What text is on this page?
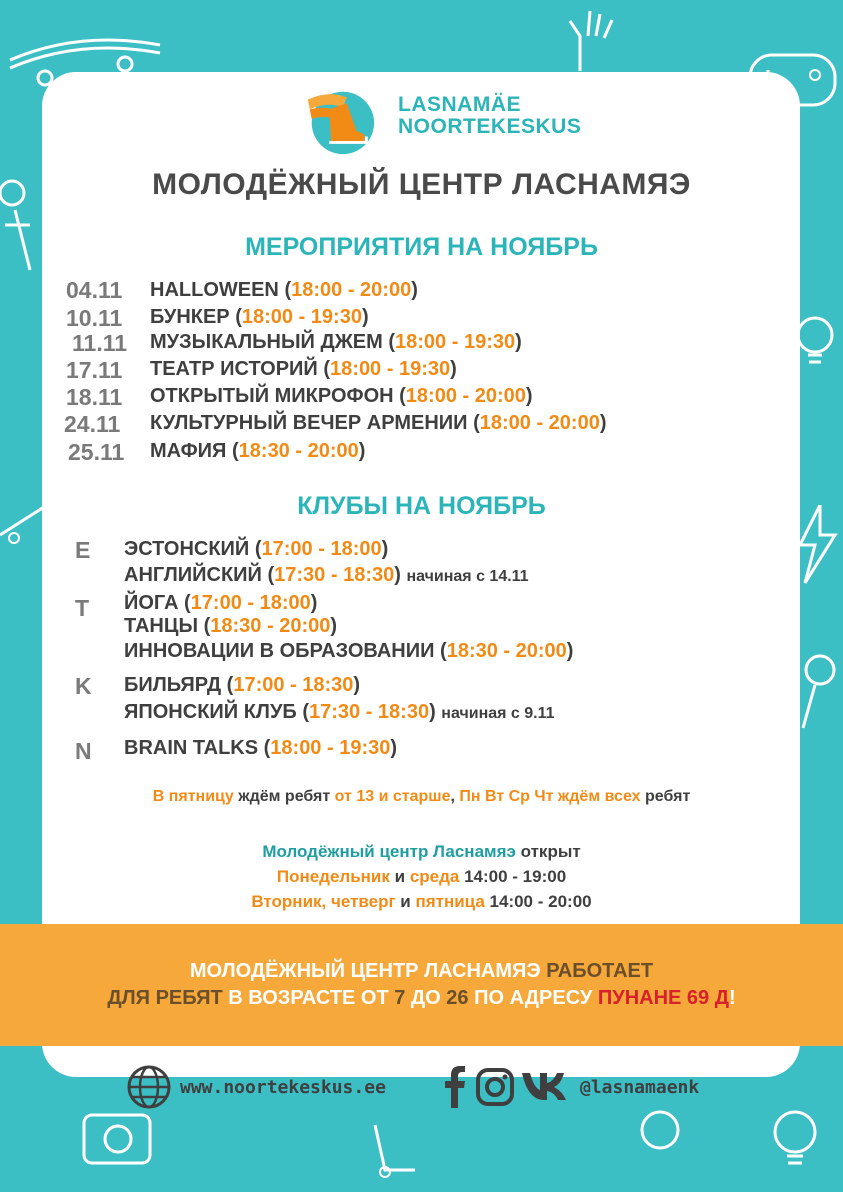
LASNAMÄE
NOORTEKESKUS
МОЛОДЁЖНЫЙ ЦЕНТР ЛАСНАМЯЭ
МЕРОПРИЯТИЯ НА НОЯБРЬ
04.11 HALLOWEEN (18:00 - 20:00)
10.11 БУНКЕР (18:00 - 19:30)
11.11 МУЗЫКАЛЬНЫЙ ДЖЕМ (18:00 - 19:30)
17.11 ТЕАТР ИСТОРИЙ (18:00 - 19:30)
18.11 ОТКРЫТЫЙ МИКРОФОН (18:00 - 20:00)
24.11 КУЛЬТУРНЫЙ ВЕЧЕР АРМЕНИИ (18:00 - 20:00)
25.11 МАФИЯ (18:30 - 20:00)
КЛУБЫ НА НОЯБРЬ
E
T
K
N
ЭСТОНСКИЙ (17:00 - 18:00)
АНГЛИЙСКИЙ (17:30 - 18:30) начиная с 14.11
ЙОГА (17:00 - 18:00)
ТАНЦЫ (18:30 - 20:00)
ИННОВАЦИИ В ОБРАЗОВАНИИ (18:30 - 20:00)
БИЛЬЯРД (17:00 - 18:30)
ЯПОНСКИЙ КЛУБ (17:30 - 18:30) начиная с 9.11
BRAIN TALKS (18:00 - 19:30)
В пятницу ждём ребят от 13 и старше, Пн Вт Ср Чт ждём всех ребят
Молодёжный центр Ласнамяэ открыт
Понедельник и среда 14:00 - 19:00
Вторник, четверг и пятница 14:00 - 20:00
МОЛОДЁЖНЫЙ ЦЕНТР ЛАСНАМЯЭ РАБОТАЕТ
ДЛЯ РЕБЯТ В ВОЗРАСТЕ ОТ 7 ДО 26 ПО АДРЕСУ ПУНАНЕ 69 Д!
www.noortekeskus.ee	@lasnamaenk
